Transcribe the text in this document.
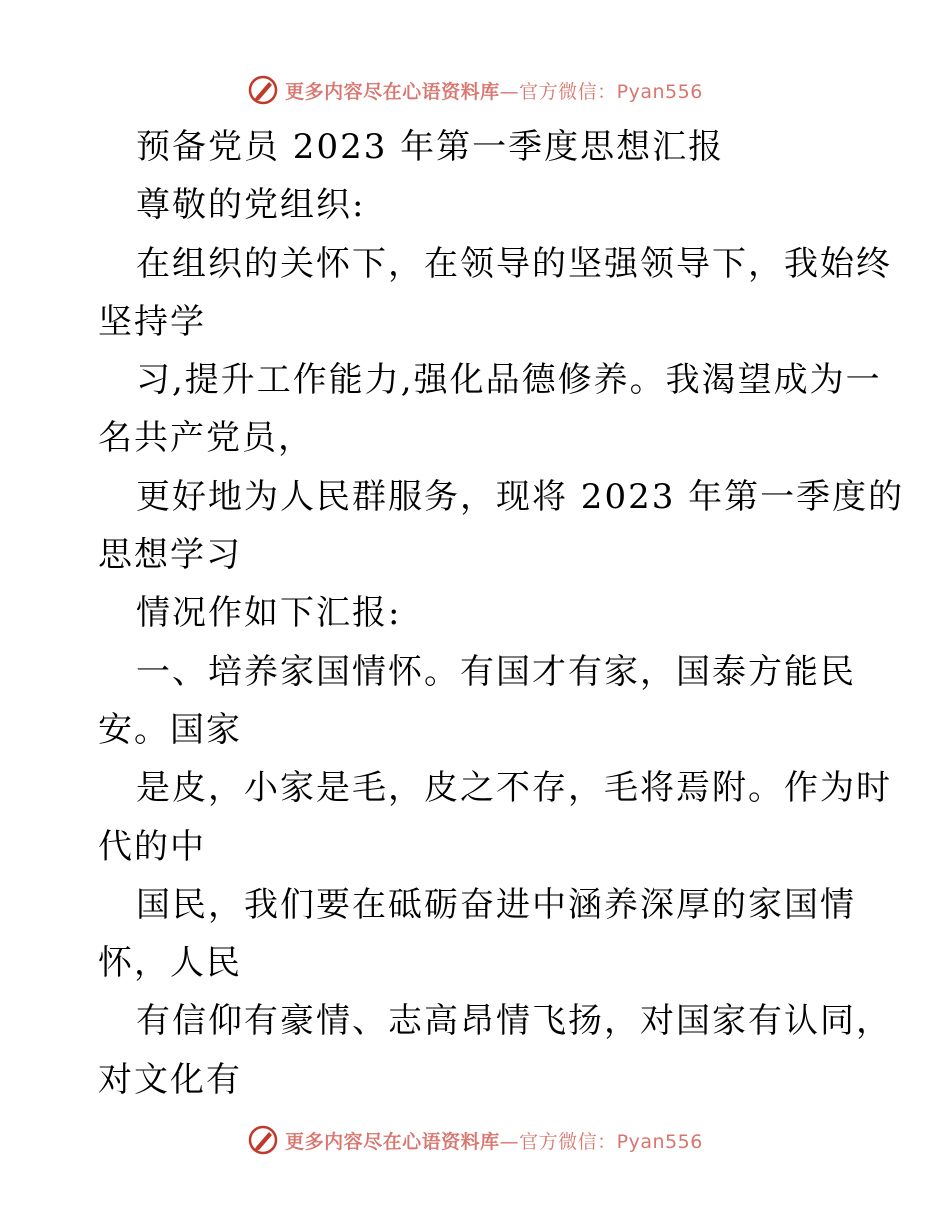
更多内容尽在心语资料库—官方微信：Pyan556
预备党员 2023 年第一季度思想汇报
尊敬的党组织:
在组织的关怀下，在领导的坚强领导下，我始终
坚持学
习,提升工作能力,强化品德修养。我渴望成为一
名共产党员，
更好地为人民群服务，现将 2023 年第一季度的
思想学习
情况作如下汇报:
一、培养家国情怀。有国才有家，国泰方能民
安。国家
是皮，小家是毛，皮之不存，毛将焉附。作为时
代的中
国民，我们要在砥砺奋进中涵养深厚的家国情
怀，人民
有信仰有豪情、志高昂情飞扬，对国家有认同，
对文化有
更多内容尽在心语资料库—官方微信：Pyan556
